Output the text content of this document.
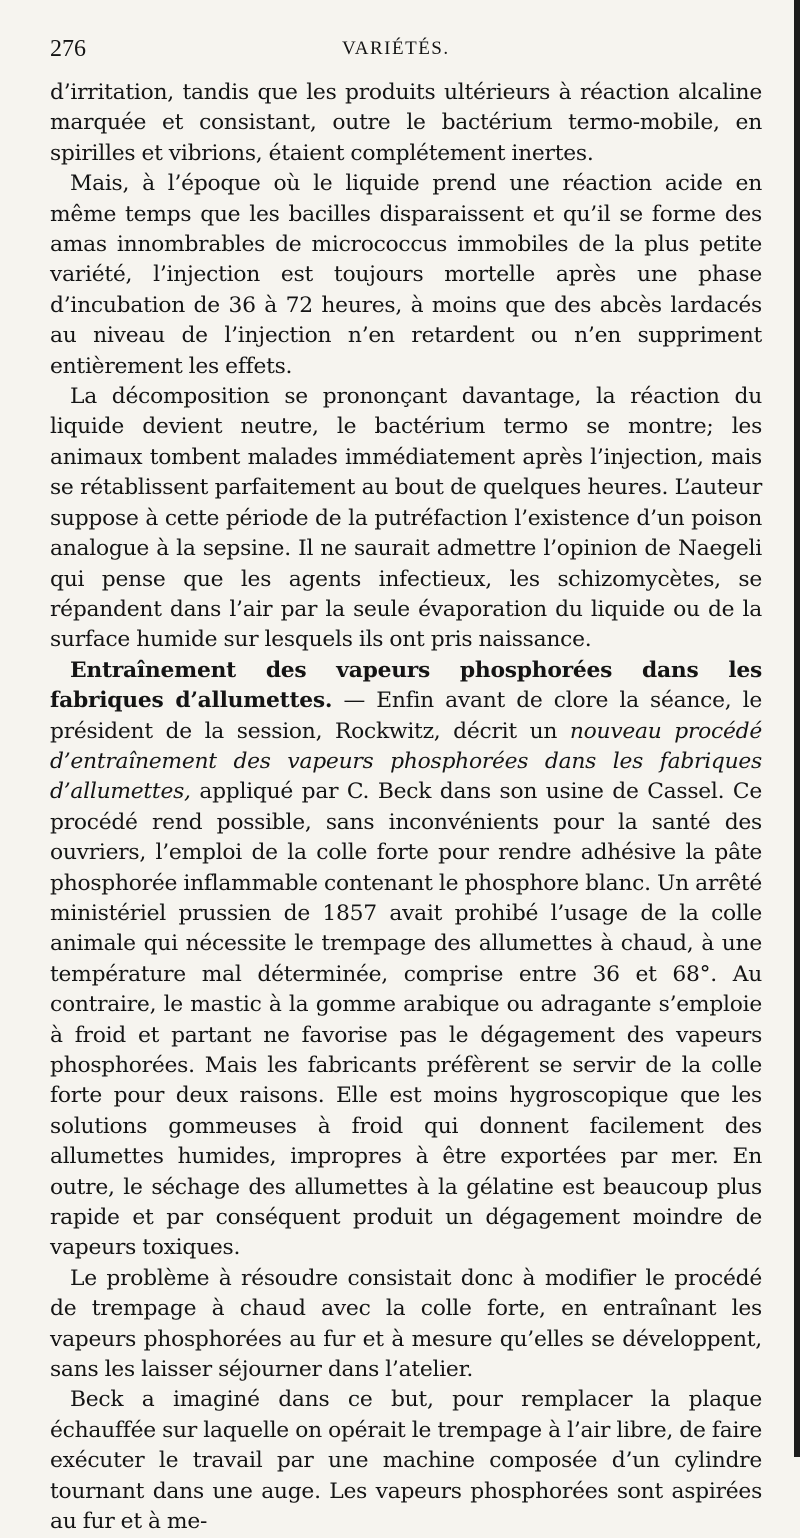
276	VARIÉTÉS.

d’irritation, tandis que les produits ultérieurs à réaction alcaline marquée et consistant, outre le bactérium termo-mobile, en spirilles et vibrions, étaient complétement inertes.

Mais, à l’époque où le liquide prend une réaction acide en même temps que les bacilles disparaissent et qu’il se forme des amas innombrables de micrococcus immobiles de la plus petite variété, l’injection est toujours mortelle après une phase d’incubation de 36 à 72 heures, à moins que des abcès lardacés au niveau de l’injection n’en retardent ou n’en suppriment entièrement les effets.

La décomposition se prononçant davantage, la réaction du liquide devient neutre, le bactérium termo se montre; les animaux tombent malades immédiatement après l’injection, mais se rétablissent parfaitement au bout de quelques heures. L’auteur suppose à cette période de la putréfaction l’existence d’un poison analogue à la sepsine. Il ne saurait admettre l’opinion de Naegeli qui pense que les agents infectieux, les schizomycètes, se répandent dans l’air par la seule évaporation du liquide ou de la surface humide sur lesquels ils ont pris naissance.

Entraînement des vapeurs phosphorées dans les fabriques d’allumettes. — Enfin avant de clore la séance, le président de la session, Rockwitz, décrit un nouveau procédé d’entraînement des vapeurs phosphorées dans les fabriques d’allumettes, appliqué par C. Beck dans son usine de Cassel. Ce procédé rend possible, sans inconvénients pour la santé des ouvriers, l’emploi de la colle forte pour rendre adhésive la pâte phosphorée inflammable contenant le phosphore blanc. Un arrêté ministériel prussien de 1857 avait prohibé l’usage de la colle animale qui nécessite le trempage des allumettes à chaud, à une température mal déterminée, comprise entre 36 et 68°. Au contraire, le mastic à la gomme arabique ou adragante s’emploie à froid et partant ne favorise pas le dégagement des vapeurs phosphorées. Mais les fabricants préfèrent se servir de la colle forte pour deux raisons. Elle est moins hygroscopique que les solutions gommeuses à froid qui donnent facilement des allumettes humides, impropres à être exportées par mer. En outre, le séchage des allumettes à la gélatine est beaucoup plus rapide et par conséquent produit un dégagement moindre de vapeurs toxiques.

Le problème à résoudre consistait donc à modifier le procédé de trempage à chaud avec la colle forte, en entraînant les vapeurs phosphorées au fur et à mesure qu’elles se développent, sans les laisser séjourner dans l’atelier.

Beck a imaginé dans ce but, pour remplacer la plaque échauffée sur laquelle on opérait le trempage à l’air libre, de faire exécuter le travail par une machine composée d’un cylindre tournant dans une auge. Les vapeurs phosphorées sont aspirées au fur et à me-
